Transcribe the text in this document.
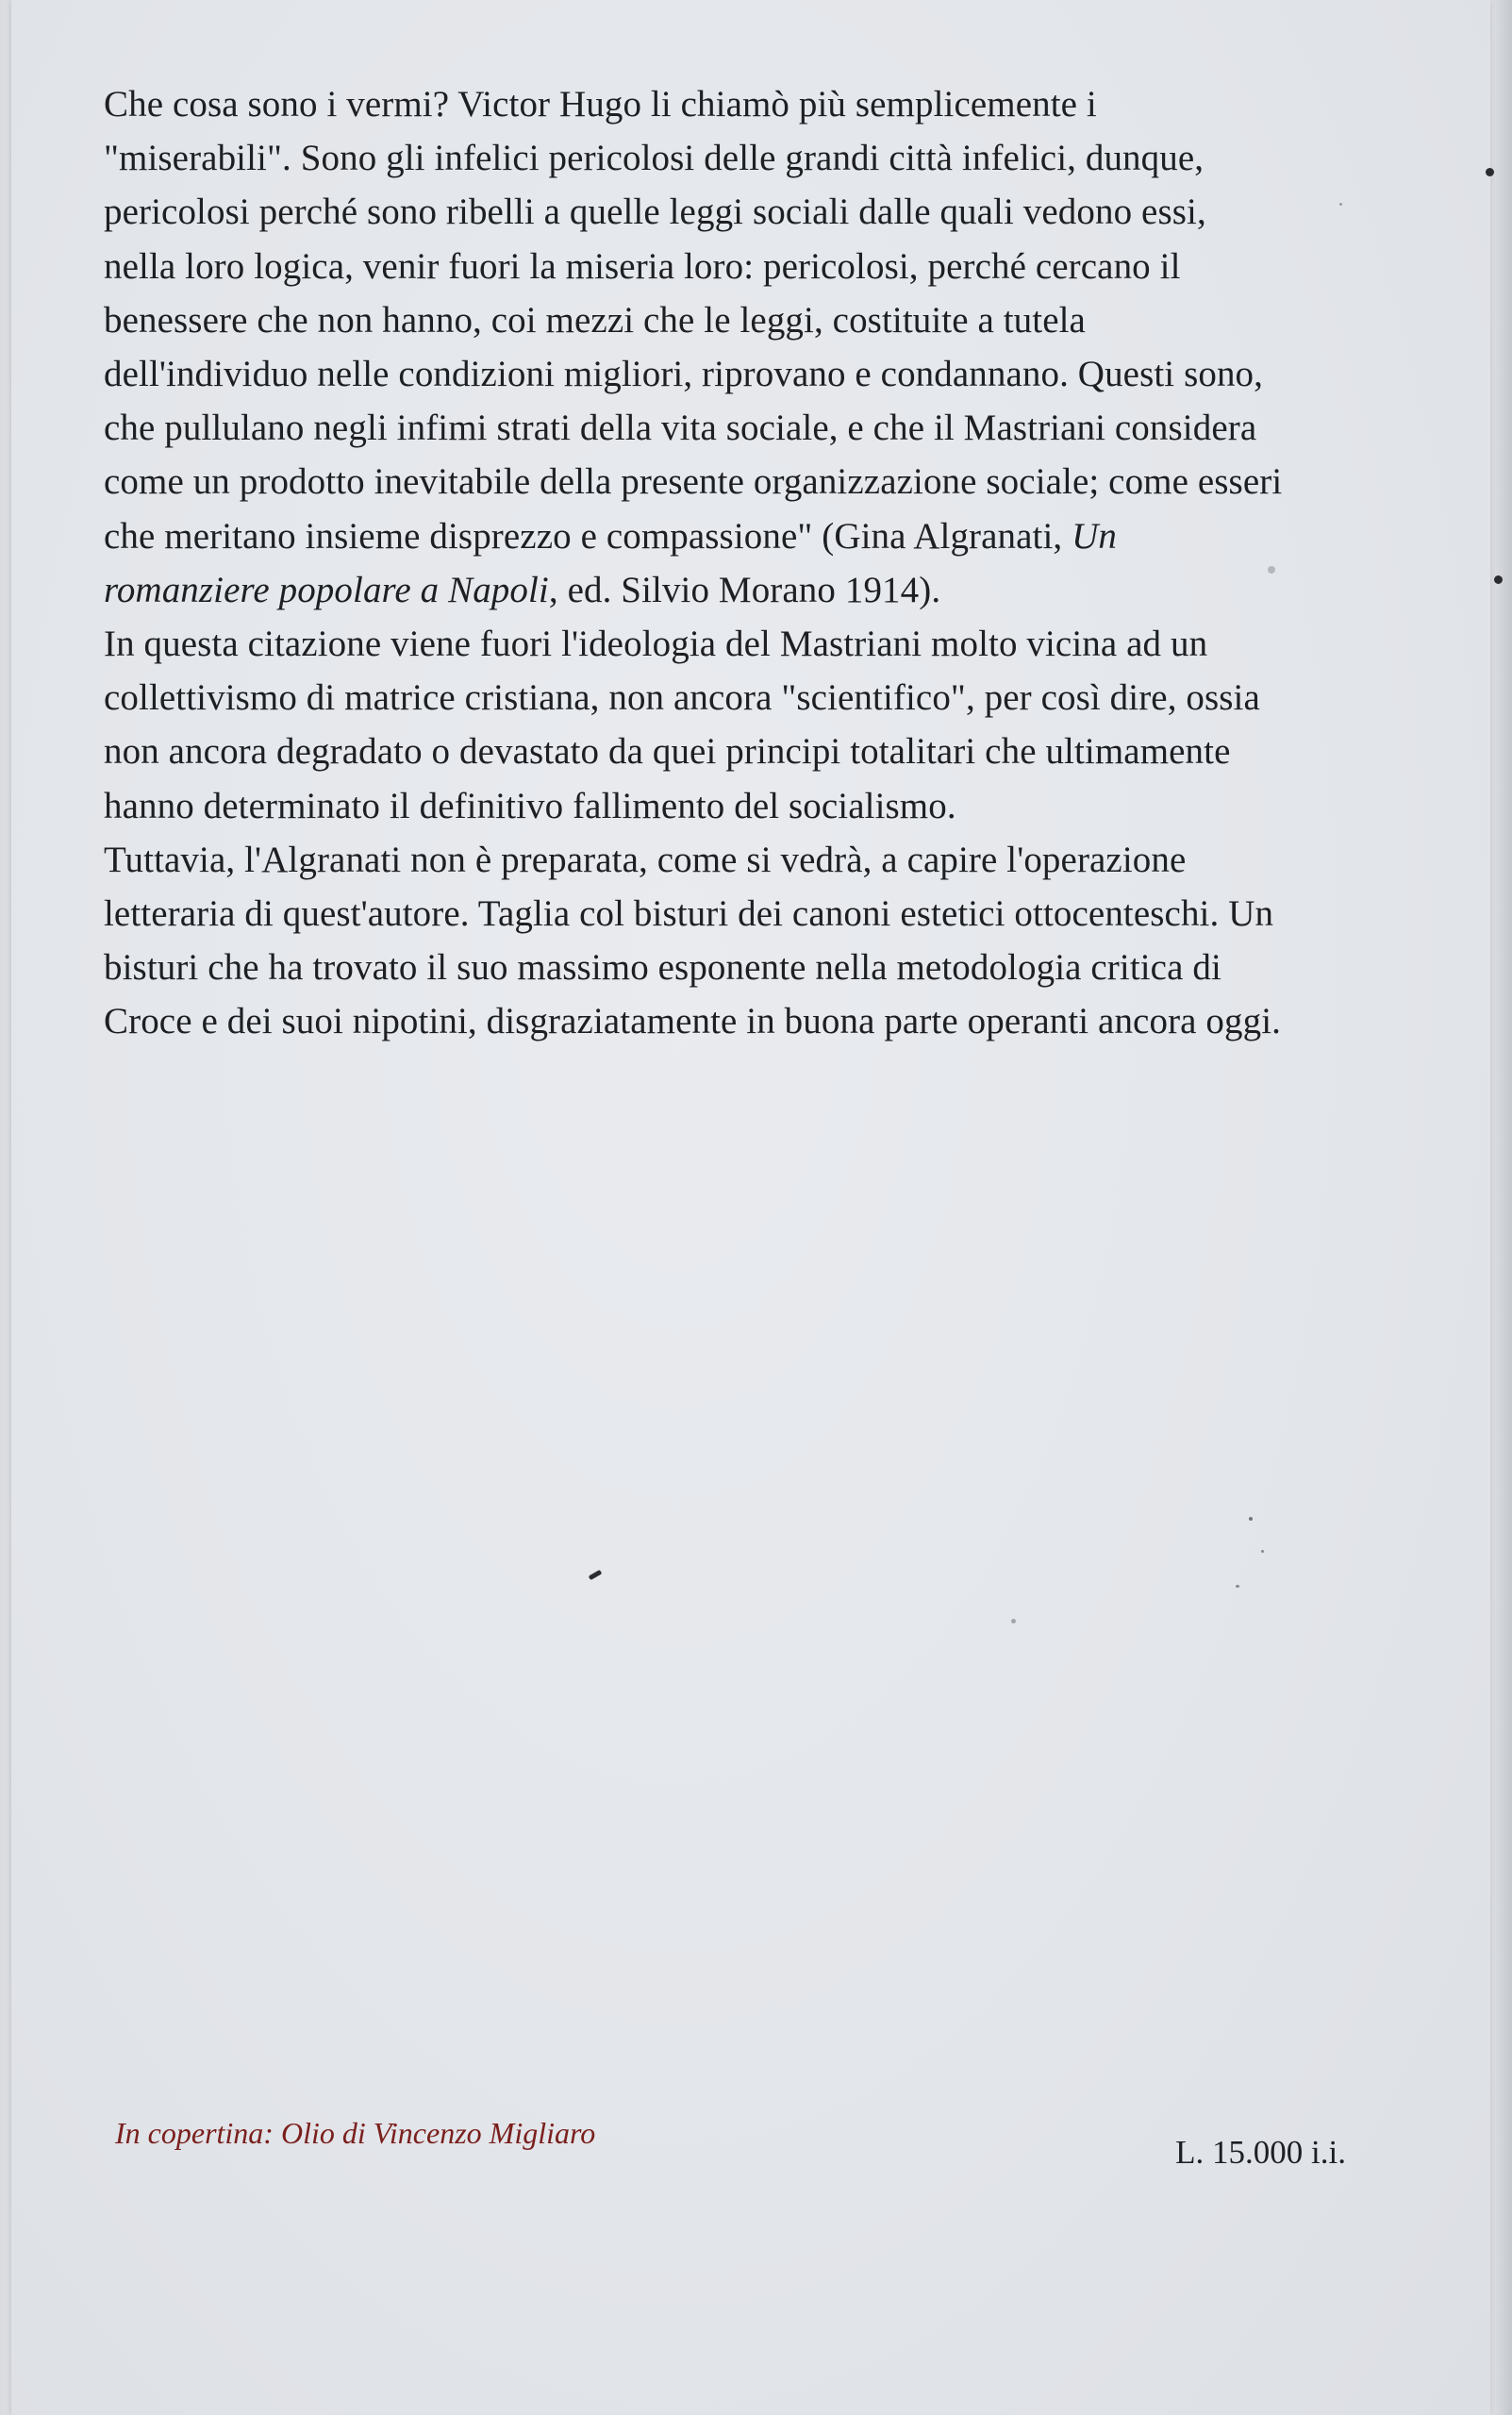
Che cosa sono i vermi? Victor Hugo li chiamò più semplicemente i "miserabili". Sono gli infelici pericolosi delle grandi città infelici, dunque, pericolosi perché sono ribelli a quelle leggi sociali dalle quali vedono essi, nella loro logica, venir fuori la miseria loro: pericolosi, perché cercano il benessere che non hanno, coi mezzi che le leggi, costituite a tutela dell'individuo nelle condizioni migliori, riprovano e condannano. Questi sono, che pullulano negli infimi strati della vita sociale, e che il Mastriani considera come un prodotto inevitabile della presente organizzazione sociale; come esseri che meritano insieme disprezzo e compassione" (Gina Algranati, Un romanziere popolare a Napoli, ed. Silvio Morano 1914).

In questa citazione viene fuori l'ideologia del Mastriani molto vicina ad un collettivismo di matrice cristiana, non ancora "scientifico", per così dire, ossia non ancora degradato o devastato da quei principi totalitari che ultimamente hanno determinato il definitivo fallimento del socialismo.

Tuttavia, l'Algranati non è preparata, come si vedrà, a capire l'operazione letteraria di quest'autore. Taglia col bisturi dei canoni estetici ottocenteschi. Un bisturi che ha trovato il suo massimo esponente nella metodologia critica di Croce e dei suoi nipotini, disgraziatamente in buona parte operanti ancora oggi.

In copertina: Olio di Vincenzo Migliaro
L. 15.000 i.i.
